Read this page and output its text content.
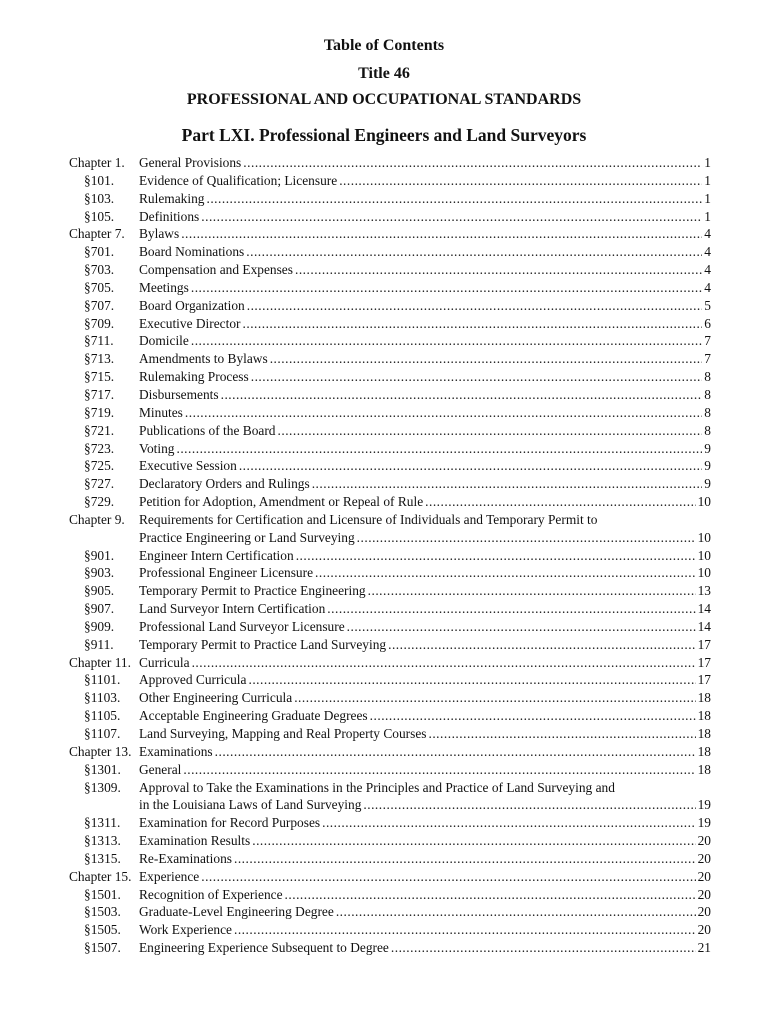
Table of Contents
Title 46
PROFESSIONAL AND OCCUPATIONAL STANDARDS
Part LXI. Professional Engineers and Land Surveyors
Chapter 1. General Provisions .....	1
§101. Evidence of Qualification; Licensure .....	1
§103. Rulemaking .....	1
§105. Definitions .....	1
Chapter 7. Bylaws .....	4
§701. Board Nominations .....	4
§703. Compensation and Expenses .....	4
§705. Meetings .....	4
§707. Board Organization .....	5
§709. Executive Director .....	6
§711. Domicile .....	7
§713. Amendments to Bylaws .....	7
§715. Rulemaking Process .....	8
§717. Disbursements .....	8
§719. Minutes .....	8
§721. Publications of the Board .....	8
§723. Voting .....	9
§725. Executive Session .....	9
§727. Declaratory Orders and Rulings .....	9
§729. Petition for Adoption, Amendment or Repeal of Rule .....	10
Chapter 9. Requirements for Certification and Licensure of Individuals and Temporary Permit to
Practice Engineering or Land Surveying .....	10
§901. Engineer Intern Certification .....	10
§903. Professional Engineer Licensure .....	10
§905. Temporary Permit to Practice Engineering .....	13
§907. Land Surveyor Intern Certification .....	14
§909. Professional Land Surveyor Licensure .....	14
§911. Temporary Permit to Practice Land Surveying .....	17
Chapter 11. Curricula .....	17
§1101. Approved Curricula .....	17
§1103. Other Engineering Curricula .....	18
§1105. Acceptable Engineering Graduate Degrees .....	18
§1107. Land Surveying, Mapping and Real Property Courses .....	18
Chapter 13. Examinations .....	18
§1301. General .....	18
§1309. Approval to Take the Examinations in the Principles and Practice of Land Surveying and
in the Louisiana Laws of Land Surveying .....	19
§1311. Examination for Record Purposes .....	19
§1313. Examination Results .....	20
§1315. Re-Examinations .....	20
Chapter 15. Experience .....	20
§1501. Recognition of Experience .....	20
§1503. Graduate-Level Engineering Degree .....	20
§1505. Work Experience .....	20
§1507. Engineering Experience Subsequent to Degree .....	21
